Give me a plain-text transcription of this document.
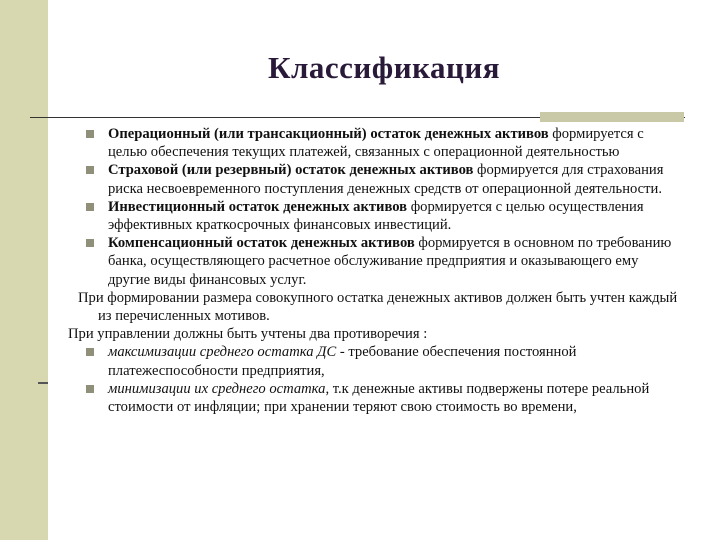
Классификация
Операционный (или трансакционный) остаток денежных активов формируется с целью обеспечения текущих платежей, связанных с операционной деятельностью
Страховой (или резервный) остаток денежных активов формируется для страхования риска несвоевременного поступления денежных средств от операционной деятельности.
Инвестиционный остаток денежных активов формируется с целью осуществления эффективных краткосрочных финансовых инвестиций.
Компенсационный остаток денежных активов формируется в основном по требованию банка, осуществляющего расчетное обслуживание предприятия и оказывающего ему другие виды финансовых услуг.
При формировании размера совокупного остатка денежных активов должен быть учтен каждый из перечисленных мотивов.
При управлении должны быть учтены два противоречия :
максимизации среднего остатка ДС - требование обеспечения постоянной платежеспособности предприятия,
минимизации их среднего остатка, т.к денежные активы подвержены потере реальной стоимости от инфляции; при хранении теряют свою стоимость во времени,
